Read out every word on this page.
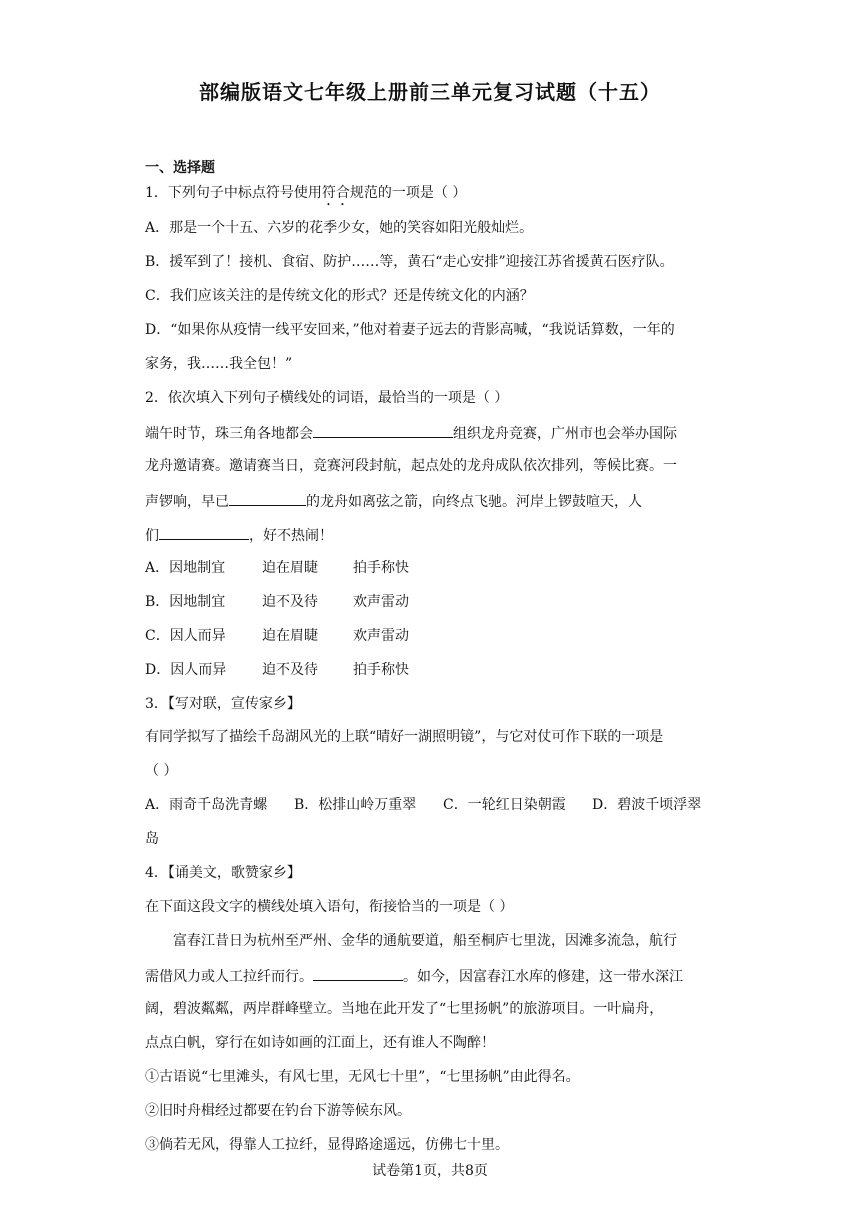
部编版语文七年级上册前三单元复习试题（十五）
一、选择题
1．下列句子中标点符号使用符合规范的一项是（ ）
A．那是一个十五、六岁的花季少女，她的笑容如阳光般灿烂。
B．援军到了！接机、食宿、防护……等，黄石“走心安排”迎接江苏省援黄石医疗队。
C．我们应该关注的是传统文化的形式？还是传统文化的内涵？
D．“如果你从疫情一线平安回来，”他对着妻子远去的背影高喊，“我说话算数，一年的
家务，我……我全包！”
2．依次填入下列句子横线处的词语，最恰当的一项是（ ）
端午时节，珠三角各地都会	组织龙舟竞赛，广州市也会举办国际
龙舟邀请赛。邀请赛当日，竞赛河段封航，起点处的龙舟成队依次排列，等候比赛。一
声锣响，早已	的龙舟如离弦之箭，向终点飞驰。河岸上锣鼓喧天，人
们	，好不热闹！
A．因地制宜	迫在眉睫	拍手称快
B．因地制宜	迫不及待	欢声雷动
C．因人而异	迫在眉睫	欢声雷动
D．因人而异	迫不及待	拍手称快
3．【写对联，宣传家乡】
有同学拟写了描绘千岛湖风光的上联“晴好一湖照明镜”，与它对仗可作下联的一项是
（ ）
A．雨奇千岛洗青螺 B．松排山岭万重翠 C．一轮红日染朝霞 D．碧波千顷浮翠
岛
4．【诵美文，歌赞家乡】
在下面这段文字的横线处填入语句，衔接恰当的一项是（ ）
富春江昔日为杭州至严州、金华的通航要道，船至桐庐七里泷，因滩多流急，航行
需借风力或人工拉纤而行。	。如今，因富春江水库的修建，这一带水深江
阔，碧波粼粼，两岸群峰壁立。当地在此开发了“七里扬帆”的旅游项目。一叶扁舟，
点点白帆，穿行在如诗如画的江面上，还有谁人不陶醉！
①古语说“七里滩头，有风七里，无风七十里”，“七里扬帆”由此得名。
②旧时舟楫经过都要在钓台下游等候东风。
③倘若无风，得靠人工拉纤，显得路途遥远，仿佛七十里。
试卷第1页，共8页
